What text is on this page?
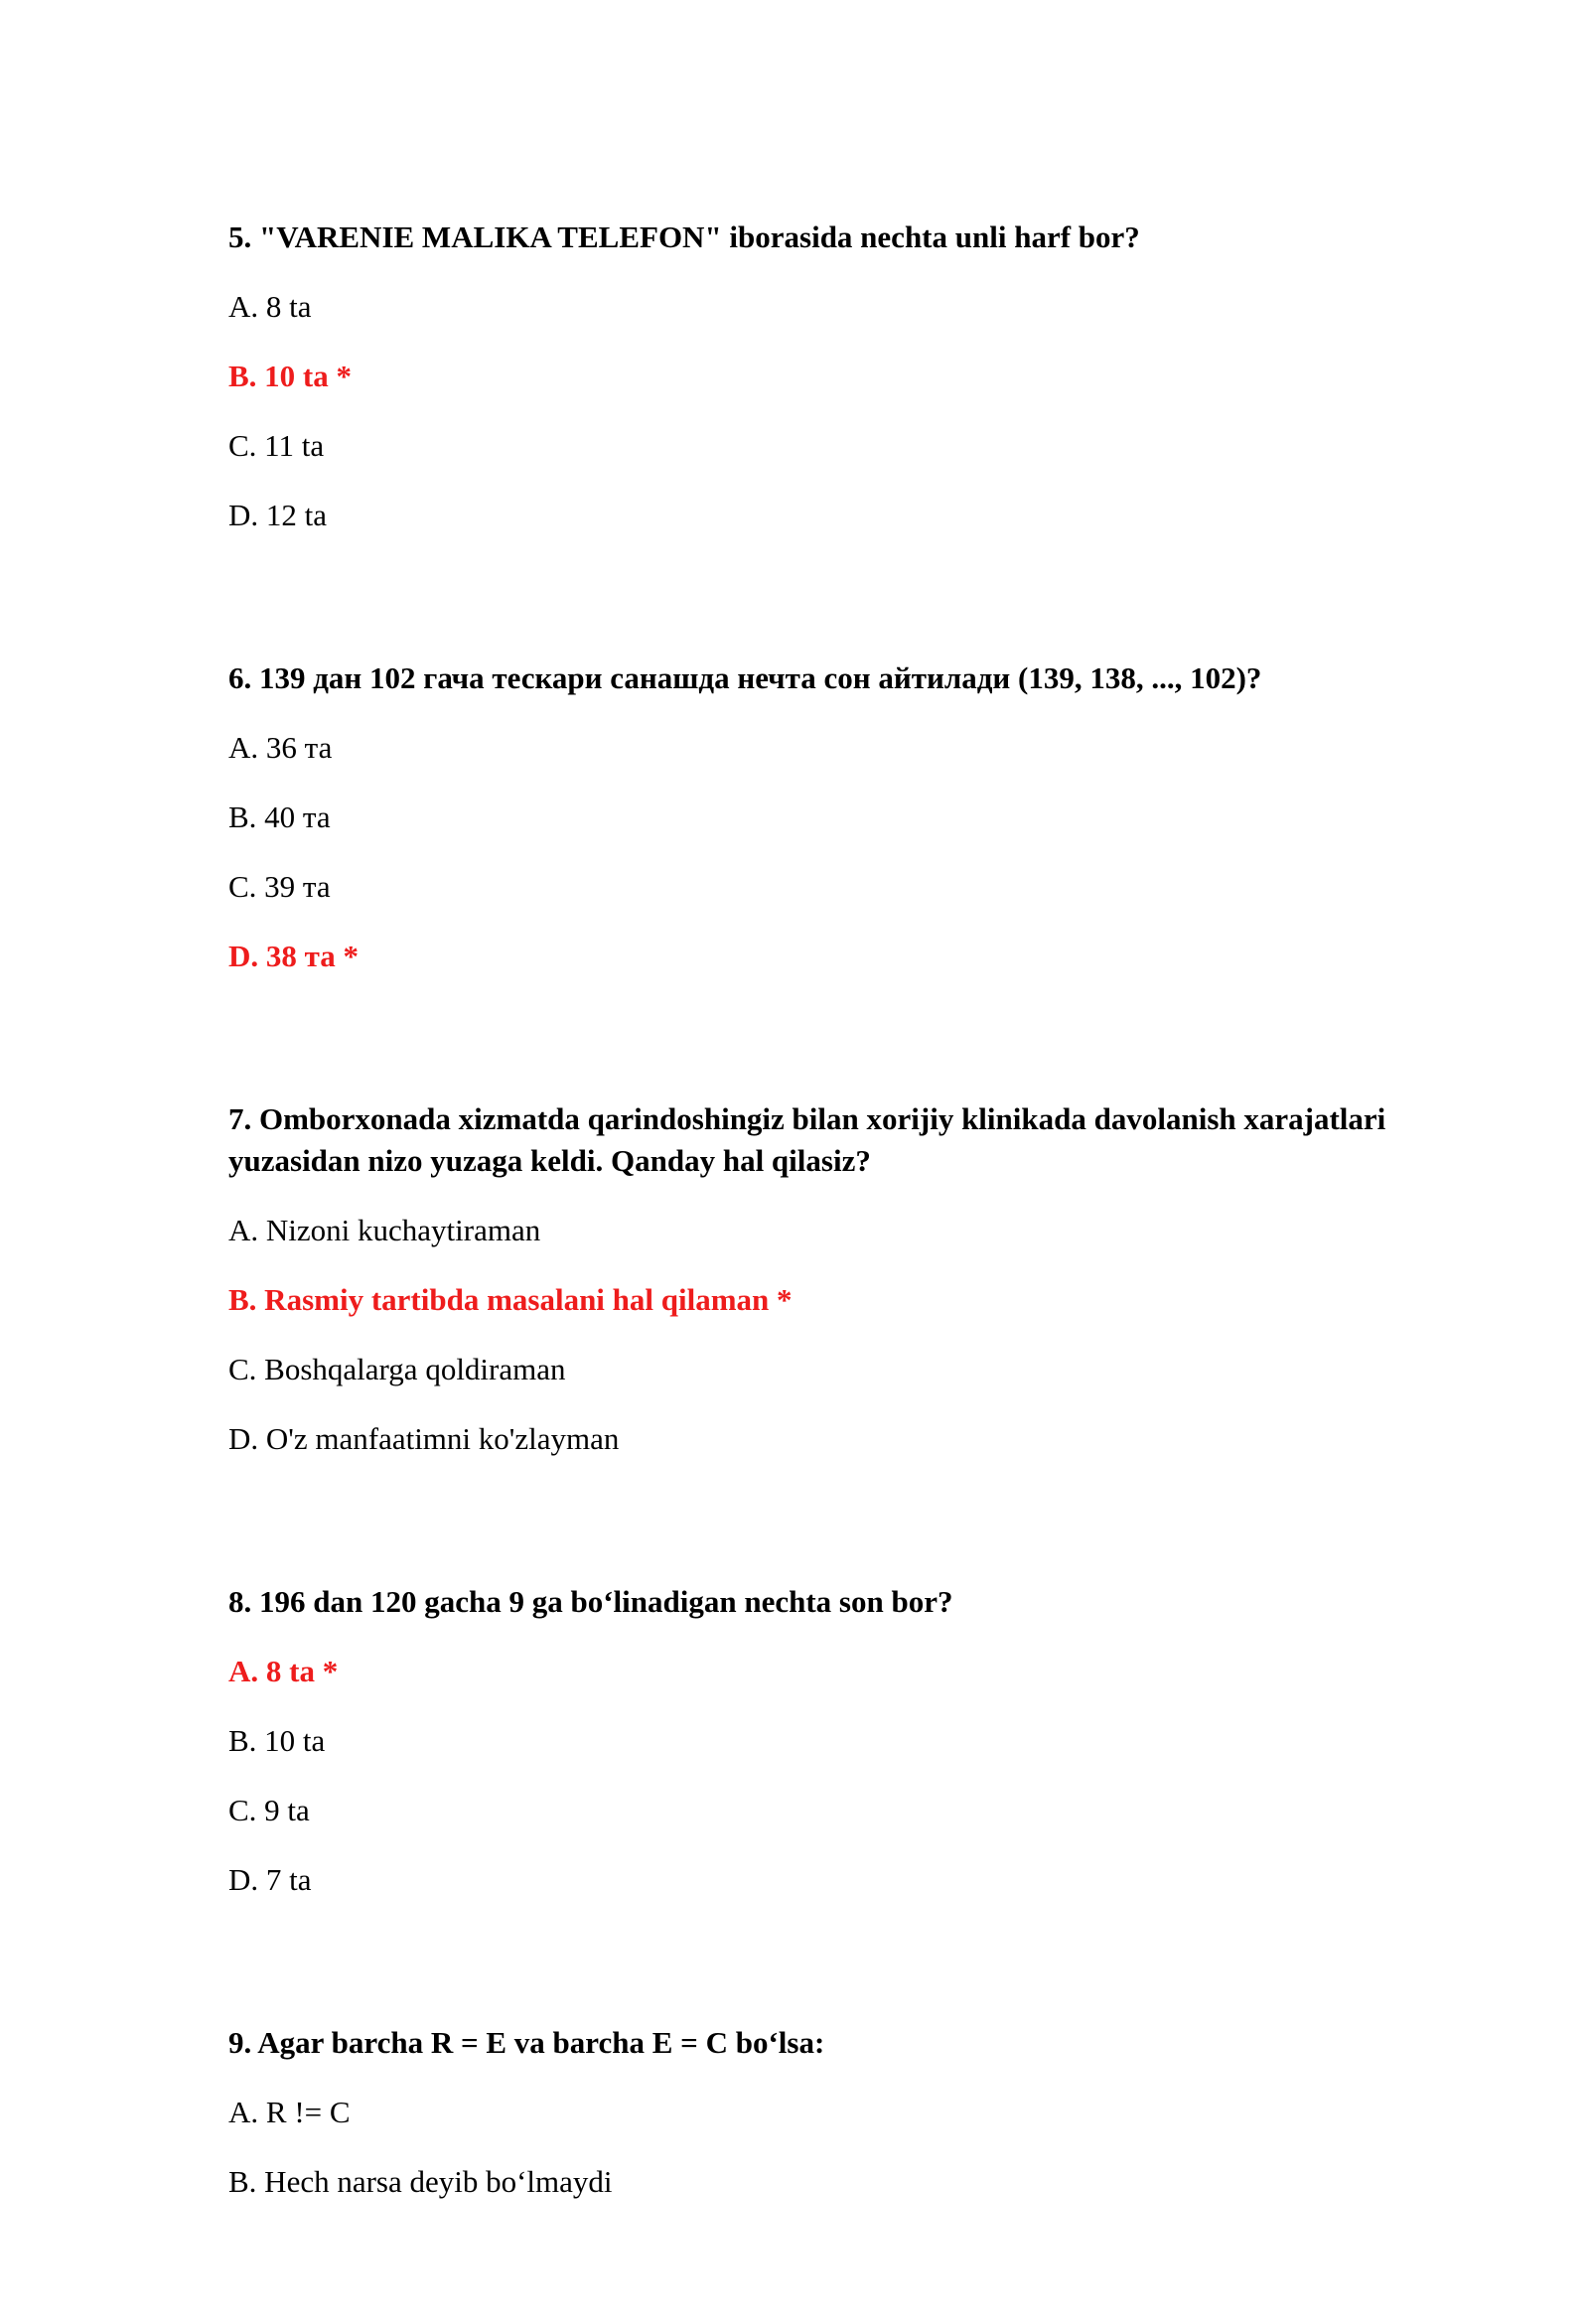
5. "VARENIE MALIKA TELEFON" iborasida nechta unli harf bor?

A. 8 ta

B. 10 ta *

C. 11 ta

D. 12 ta

6. 139 дан 102 гача тескари санашда нечта сон айтилади (139, 138, ..., 102)?

A. 36 та

B. 40 та

C. 39 та

D. 38 та *

7. Omborxonada xizmatda qarindoshingiz bilan xorijiy klinikada davolanish xarajatlari yuzasidan nizo yuzaga keldi. Qanday hal qilasiz?

A. Nizoni kuchaytiraman

B. Rasmiy tartibda masalani hal qilaman *

C. Boshqalarga qoldiraman

D. O'z manfaatimni ko'zlayman

8. 196 dan 120 gacha 9 ga bo‘linadigan nechta son bor?

A. 8 ta *

B. 10 ta

C. 9 ta

D. 7 ta

9. Agar barcha R = E va barcha E = C bo‘lsa:

A. R != C

B. Hech narsa deyib bo‘lmaydi
